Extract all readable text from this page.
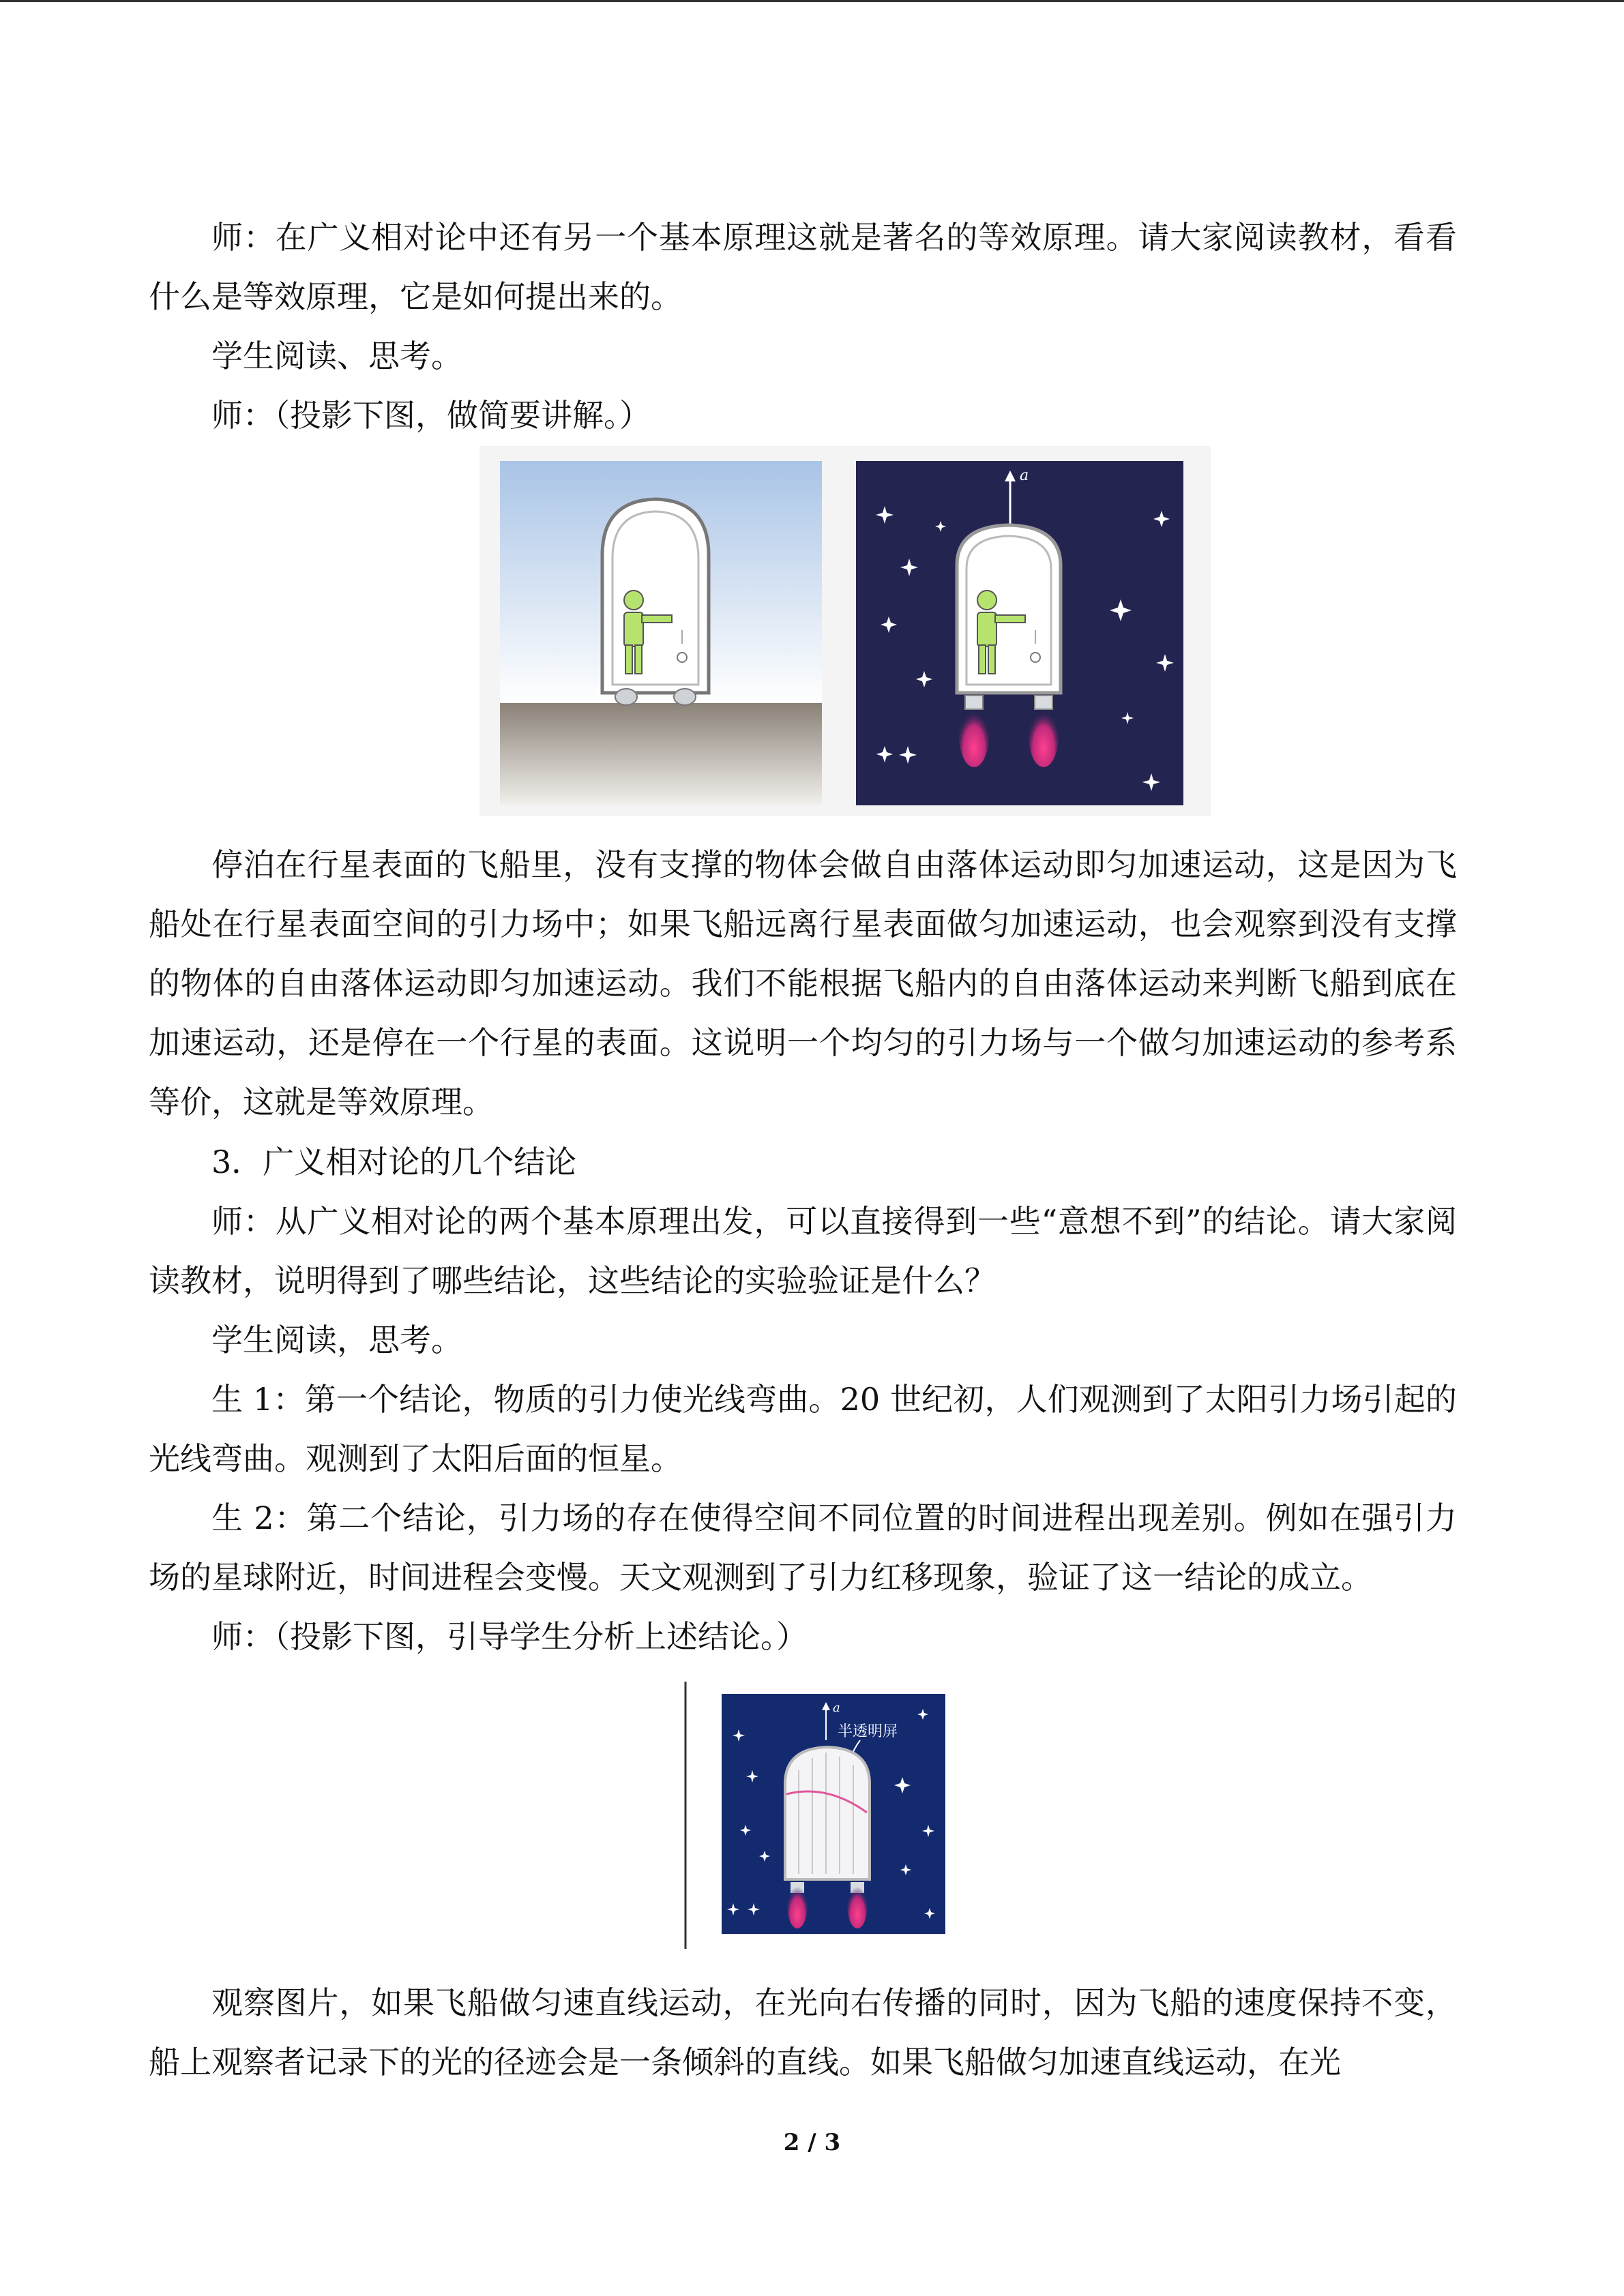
师：在广义相对论中还有另一个基本原理这就是著名的等效原理。请大家阅读教材，看看什么是等效原理，它是如何提出来的。

学生阅读、思考。

师：（投影下图，做简要讲解。）

a

停泊在行星表面的飞船里，没有支撑的物体会做自由落体运动即匀加速运动，这是因为飞船处在行星表面空间的引力场中；如果飞船远离行星表面做匀加速运动，也会观察到没有支撑的物体的自由落体运动即匀加速运动。我们不能根据飞船内的自由落体运动来判断飞船到底在加速运动，还是停在一个行星的表面。这说明一个均匀的引力场与一个做匀加速运动的参考系等价，这就是等效原理。

3．广义相对论的几个结论

师：从广义相对论的两个基本原理出发，可以直接得到一些“意想不到”的结论。请大家阅读教材，说明得到了哪些结论，这些结论的实验验证是什么？

学生阅读，思考。

生 1：第一个结论，物质的引力使光线弯曲。20 世纪初，人们观测到了太阳引力场引起的光线弯曲。观测到了太阳后面的恒星。

生 2：第二个结论，引力场的存在使得空间不同位置的时间进程出现差别。例如在强引力场的星球附近，时间进程会变慢。天文观测到了引力红移现象，验证了这一结论的成立。

师：（投影下图，引导学生分析上述结论。）

a
半透明屏

观察图片，如果飞船做匀速直线运动，在光向右传播的同时，因为飞船的速度保持不变，船上观察者记录下的光的径迹会是一条倾斜的直线。如果飞船做匀加速直线运动，在光

2 / 3
